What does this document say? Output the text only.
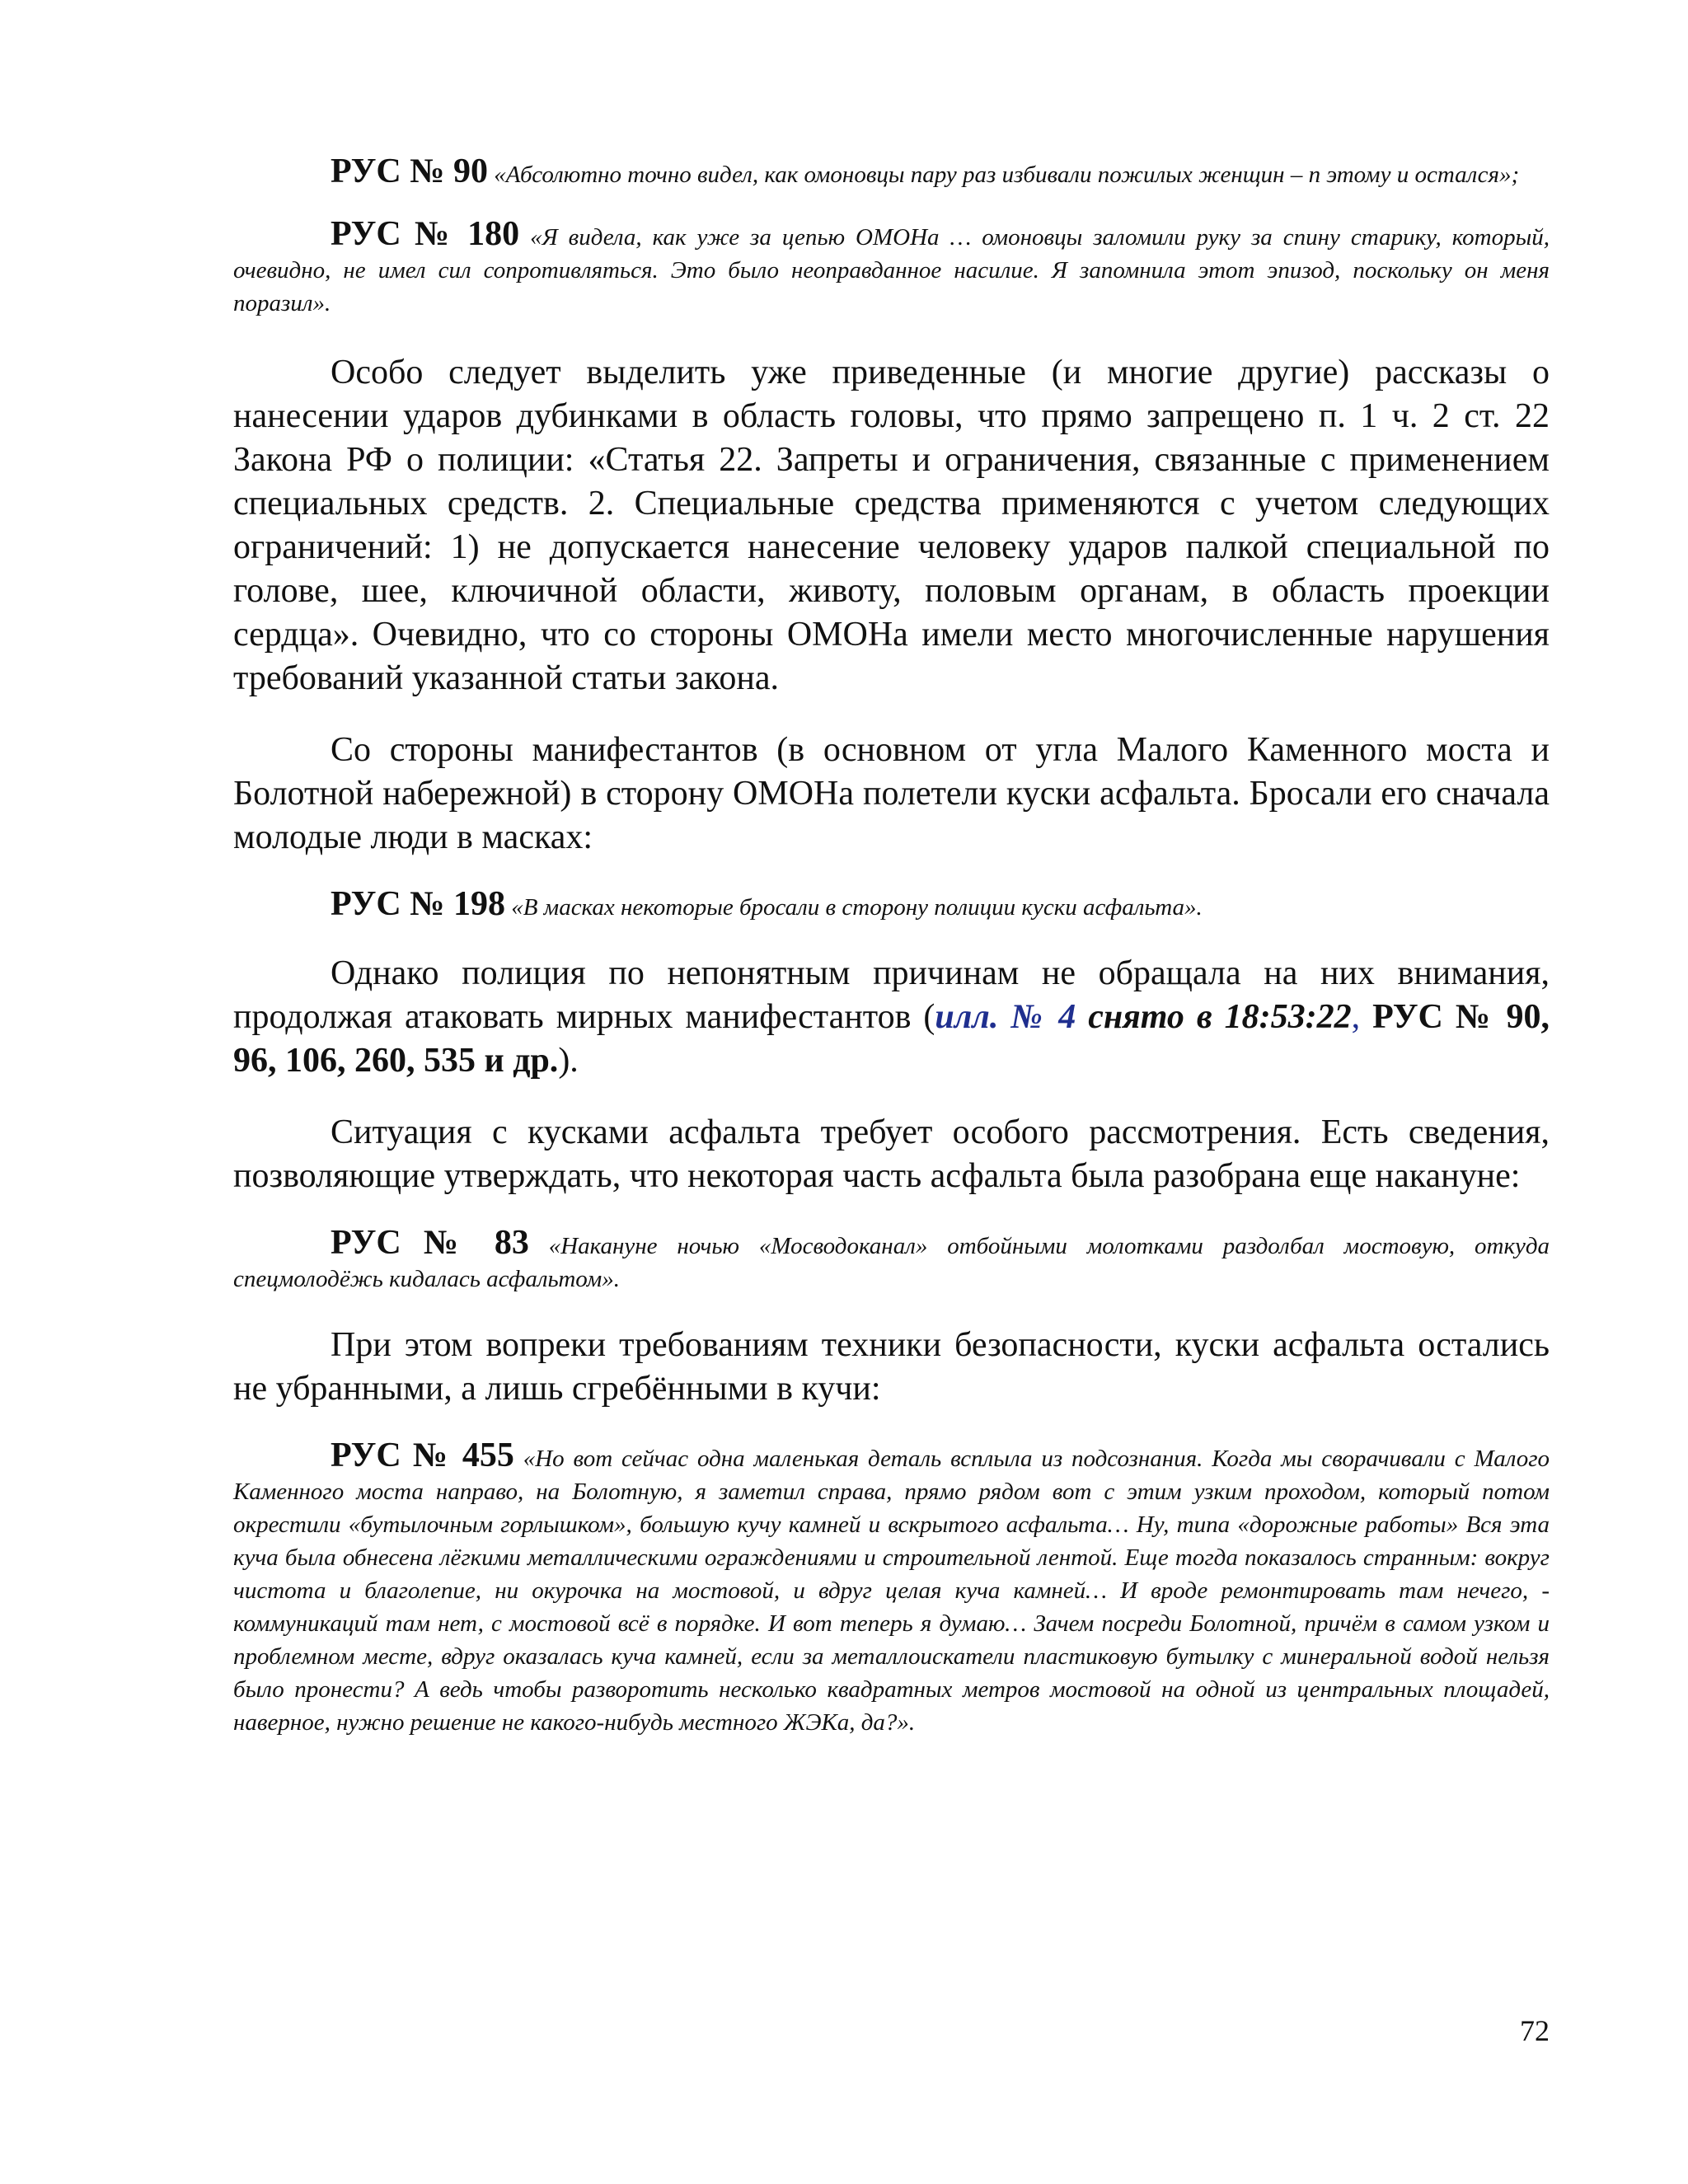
РУС № 90 «Абсолютно точно видел, как омоновцы пару раз избивали пожилых женщин – п этому и остался»;

РУС № 180 «Я видела, как уже за цепью ОМОНа … омоновцы заломили руку за спину старику, который, очевидно, не имел сил сопротивляться. Это было неоправданное насилие. Я запомнила этот эпизод, поскольку он меня поразил».

Особо следует выделить уже приведенные (и многие другие) рассказы о нанесении ударов дубинками в область головы, что прямо запрещено п. 1 ч. 2 ст. 22 Закона РФ о полиции: «Статья 22. Запреты и ограничения, связанные с применением специальных средств. 2. Специальные средства применяются с учетом следующих ограничений: 1) не допускается нанесение человеку ударов палкой специальной по голове, шее, ключичной области, животу, половым органам, в область проекции сердца». Очевидно, что со стороны ОМОНа имели место многочисленные нарушения требований указанной статьи закона.

Со стороны манифестантов (в основном от угла Малого Каменного моста и Болотной набережной) в сторону ОМОНа полетели куски асфальта. Бросали его сначала молодые люди в масках:

РУС № 198 «В масках некоторые бросали в сторону полиции куски асфальта».

Однако полиция по непонятным причинам не обращала на них внимания, продолжая атаковать мирных манифестантов (илл. № 4 снято в 18:53:22, РУС № 90, 96, 106, 260, 535 и др.).

Ситуация с кусками асфальта требует особого рассмотрения. Есть сведения, позволяющие утверждать, что некоторая часть асфальта была разобрана еще накануне:

РУС № 83 «Накануне ночью «Мосводоканал» отбойными молотками раздолбал мостовую, откуда спецмолодёжь кидалась асфальтом».

При этом вопреки требованиям техники безопасности, куски асфальта остались не убранными, а лишь сгребёнными в кучи:

РУС № 455 «Но вот сейчас одна маленькая деталь всплыла из подсознания. Когда мы сворачивали с Малого Каменного моста направо, на Болотную, я заметил справа, прямо рядом вот с этим узким проходом, который потом окрестили «бутылочным горлышком», большую кучу камней и вскрытого асфальта… Ну, типа «дорожные работы» Вся эта куча была обнесена лёгкими металлическими ограждениями и строительной лентой. Еще тогда показалось странным: вокруг чистота и благолепие, ни окурочка на мостовой, и вдруг целая куча камней… И вроде ремонтировать там нечего, - коммуникаций там нет, с мостовой всё в порядке. И вот теперь я думаю… Зачем посреди Болотной, причём в самом узком и проблемном месте, вдруг оказалась куча камней, если за металлоискатели пластиковую бутылку с минеральной водой нельзя было пронести? А ведь чтобы разворотить несколько квадратных метров мостовой на одной из центральных площадей, наверное, нужно решение не какого-нибудь местного ЖЭКа, да?».

72
